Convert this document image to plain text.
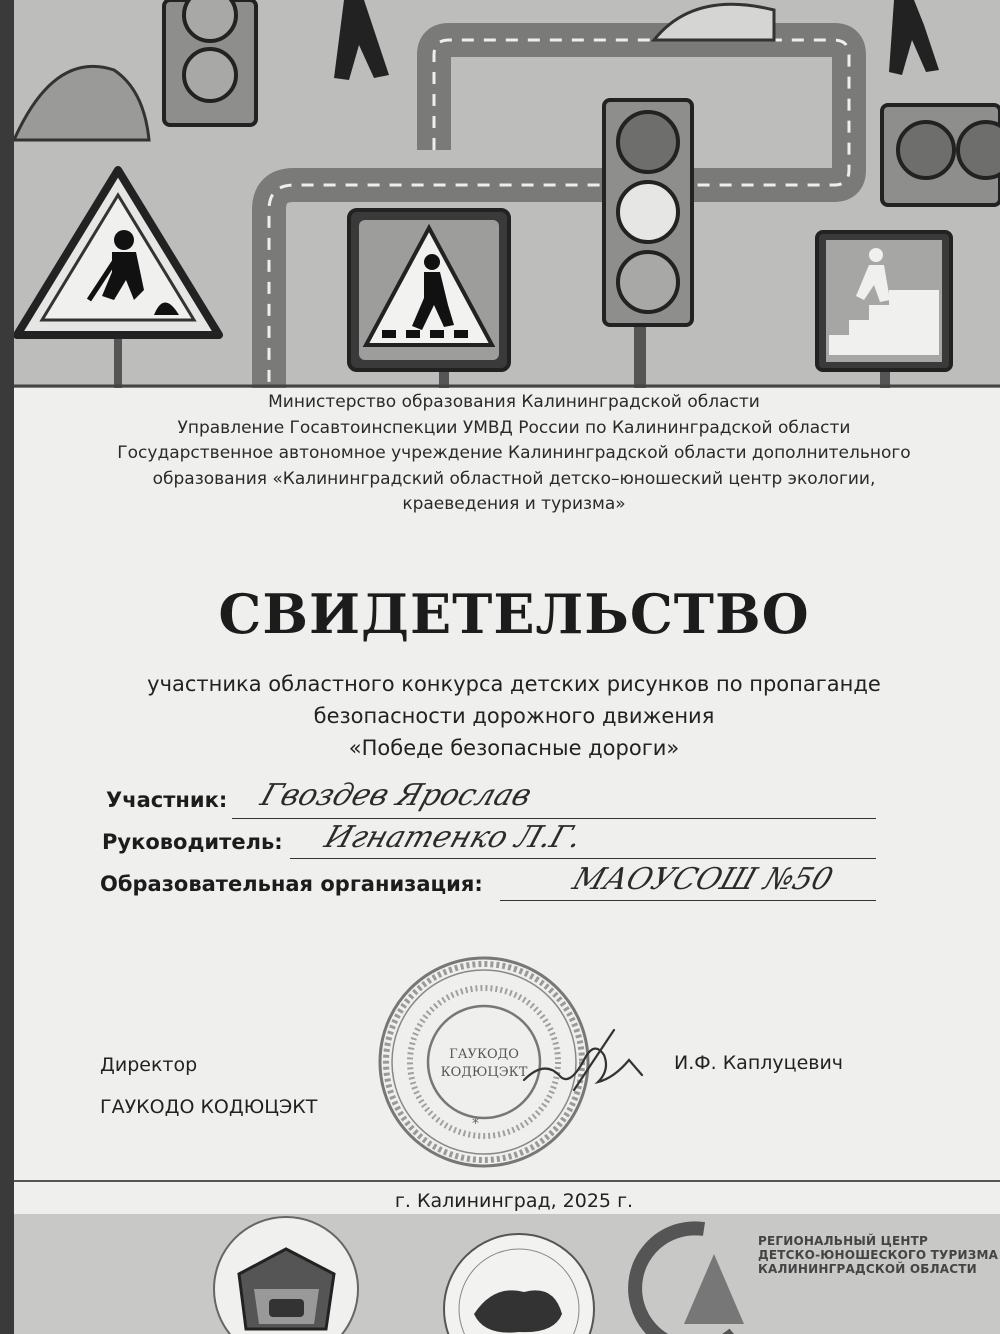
Министерство образования Калининградской области
Управление Госавтоинспекции УМВД России по Калининградской области
Государственное автономное учреждение Калининградской области дополнительного
образования «Калининградский областной детско–юношеский центр экологии,
краеведения и туризма»
СВИДЕТЕЛЬСТВО
участника областного конкурса детских рисунков по пропаганде
безопасности дорожного движения
«Победе безопасные дороги»
Участник: Гвоздев Ярослав
Руководитель: Игнатенко Л.Г.
Образовательная организация:	МАОУСОШ №50
ГАУКОДО
КОДЮЦЭКТ
*
Директор
ГАУКОДО КОДЮЦЭКТ
И.Ф. Каплуцевич
г. Калининград, 2025 г.
РЕГИОНАЛЬНЫЙ ЦЕНТР
ДЕТСКО-ЮНОШЕСКОГО ТУРИЗМА
КАЛИНИНГРАДСКОЙ ОБЛАСТИ
